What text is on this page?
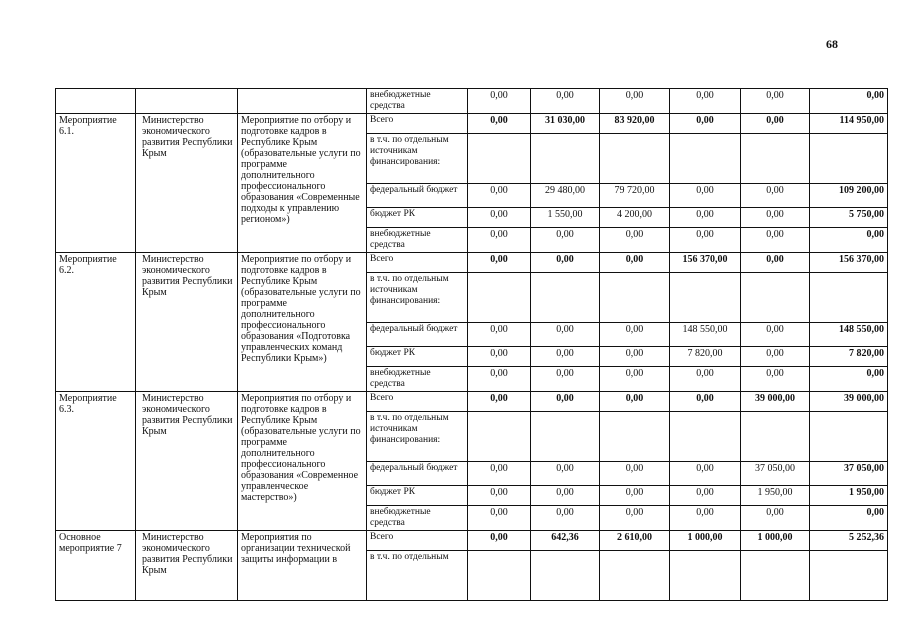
68
			внебюджетные средства	0,00	0,00	0,00	0,00	0,00	0,00
Мероприятие 6.1.	Министерство экономического развития Республики Крым	Мероприятие по отбору и подготовке кадров в Республике Крым (образовательные услуги по программе дополнительного профессионального образования «Современные подходы к управлению регионом»)	Всего	0,00	31 030,00	83 920,00	0,00	0,00	114 950,00
			в т.ч. по отдельным источникам финансирования:						
			федеральный бюджет	0,00	29 480,00	79 720,00	0,00	0,00	109 200,00
			бюджет РК	0,00	1 550,00	4 200,00	0,00	0,00	5 750,00
			внебюджетные средства	0,00	0,00	0,00	0,00	0,00	0,00
Мероприятие 6.2.	Министерство экономического развития Республики Крым	Мероприятие по отбору и подготовке кадров в Республике Крым (образовательные услуги по программе дополнительного профессионального образования «Подготовка управленческих команд Республики Крым»)	Всего	0,00	0,00	0,00	156 370,00	0,00	156 370,00
			в т.ч. по отдельным источникам финансирования:						
			федеральный бюджет	0,00	0,00	0,00	148 550,00	0,00	148 550,00
			бюджет РК	0,00	0,00	0,00	7 820,00	0,00	7 820,00
			внебюджетные средства	0,00	0,00	0,00	0,00	0,00	0,00
Мероприятие 6.3.	Министерство экономического развития Республики Крым	Мероприятия по отбору и подготовке кадров в Республике Крым (образовательные услуги по программе дополнительного профессионального образования «Современное управленческое мастерство»)	Всего	0,00	0,00	0,00	0,00	39 000,00	39 000,00
			в т.ч. по отдельным источникам финансирования:						
			федеральный бюджет	0,00	0,00	0,00	0,00	37 050,00	37 050,00
			бюджет РК	0,00	0,00	0,00	0,00	1 950,00	1 950,00
			внебюджетные средства	0,00	0,00	0,00	0,00	0,00	0,00
Основное мероприятие 7	Министерство экономического развития Республики Крым	Мероприятия по организации технической защиты информации в	Всего	0,00	642,36	2 610,00	1 000,00	1 000,00	5 252,36
			в т.ч. по отдельным						
